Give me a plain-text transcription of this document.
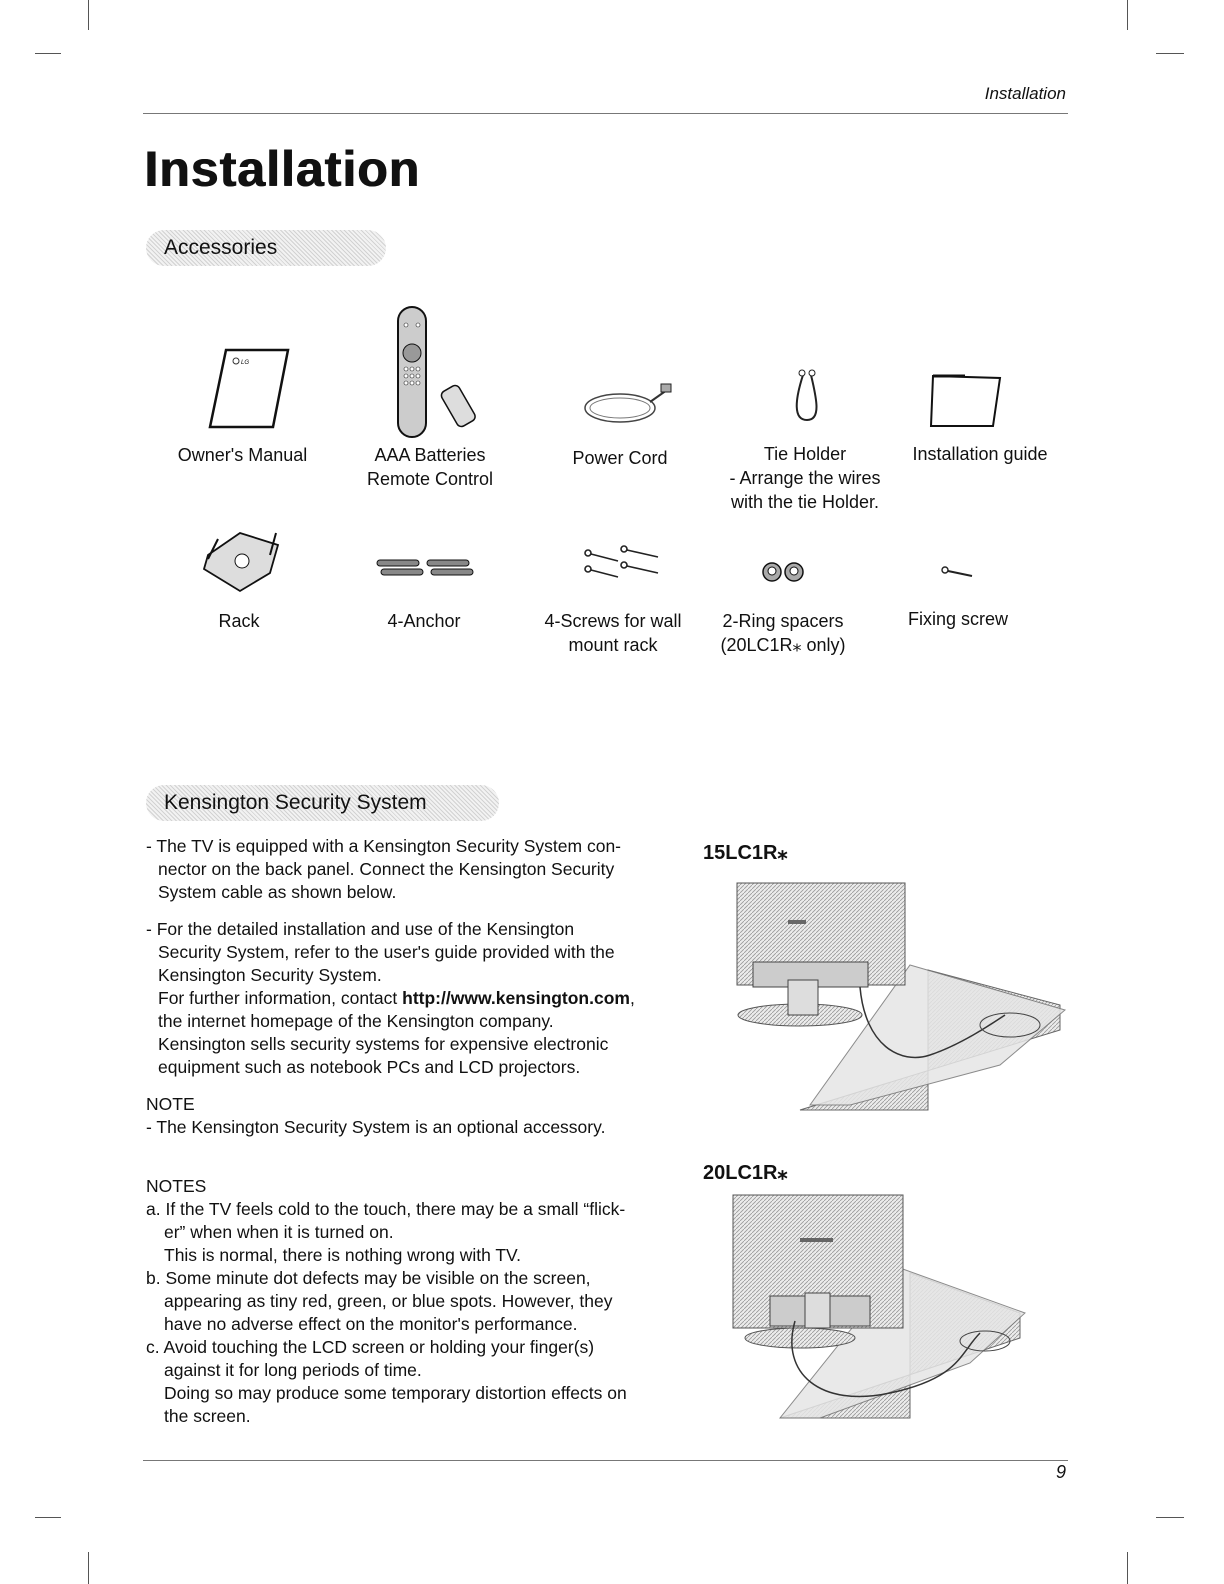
Installation
Installation
Accessories
LG
Owner's Manual	AAA Batteries
Remote Control
Power Cord	Tie Holder
- Arrange the wires
with the tie Holder.
Installation guide
Rack	4-Anchor	4-Screws for wall
mount rack
2-Ring spacers
(20LC1R⁎ only)
Fixing screw
Kensington Security System
- The TV is equipped with a Kensington Security System con-
nector on the back panel. Connect the Kensington Security
System cable as shown below.
- For the detailed installation and use of the Kensington
Security System, refer to the user's guide provided with the
Kensington Security System.
For further information, contact http://www.kensington.com,
the internet homepage of the Kensington company.
Kensington sells security systems for expensive electronic
equipment such as notebook PCs and LCD projectors.
NOTE
- The Kensington Security System is an optional accessory.
NOTES
a. If the TV feels cold to the touch, there may be a small “flick-
er” when when it is turned on.
This is normal, there is nothing wrong with TV.
b. Some minute dot defects may be visible on the screen,
appearing as tiny red, green, or blue spots. However, they
have no adverse effect on the monitor's performance.
c. Avoid touching the LCD screen or holding your finger(s)
against it for long periods of time.
Doing so may produce some temporary distortion effects on
the screen.
15LC1R⁎
20LC1R⁎
9
